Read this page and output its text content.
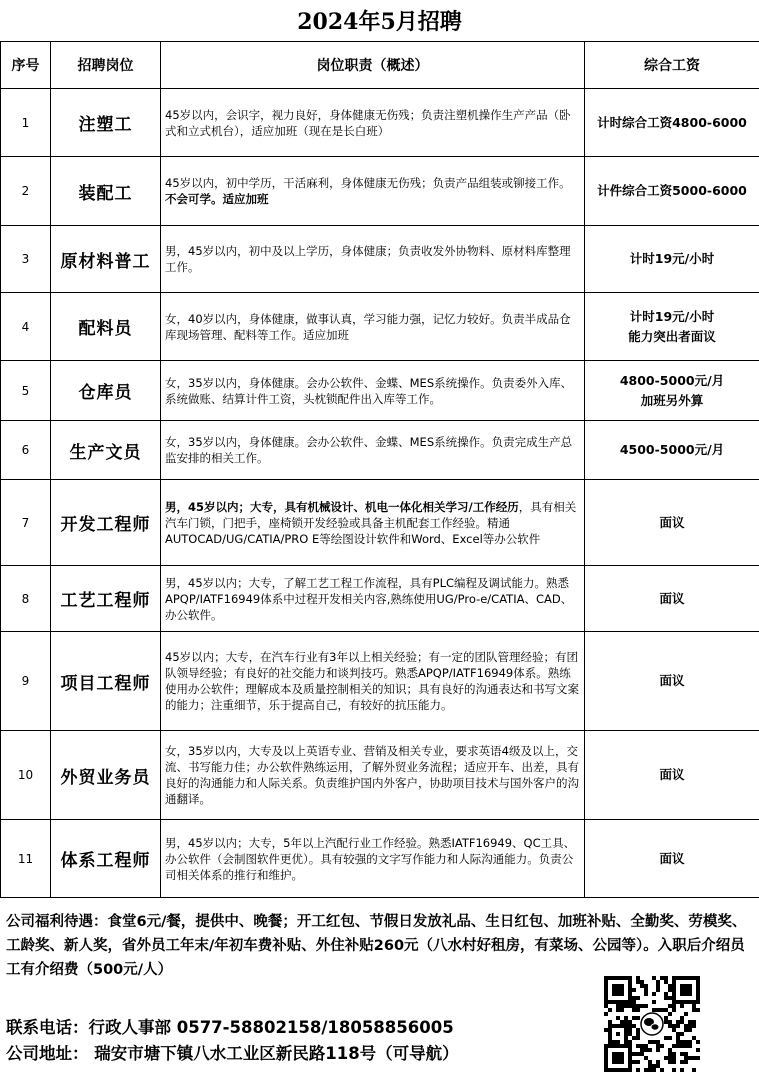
2024年5月招聘
序号	招聘岗位	岗位职责（概述）	综合工资
1	注塑工	45岁以内，会识字，视力良好，身体健康无伤残；负责注塑机操作生产产品（卧式和立式机台），适应加班（现在是长白班）	计时综合工资4800-6000

2	装配工	45岁以内，初中学历，干活麻利，身体健康无伤残；负责产品组装或铆接工作。不会可学。适应加班	计件综合工资5000-6000

3	原材料普工	男，45岁以内，初中及以上学历，身体健康；负责收发外协物料、原材料库整理工作。	计时19元/小时

4	配料员	女，40岁以内，身体健康，做事认真，学习能力强，记忆力较好。负责半成品仓库现场管理、配料等工作。适应加班	计时19元/小时
能力突出者面议

5	仓库员	女，35岁以内，身体健康。会办公软件、金蝶、MES系统操作。负责委外入库、系统做账、结算计件工资，头枕锁配件出入库等工作。	4800-5000元/月
加班另外算

6	生产文员	女，35岁以内，身体健康。会办公软件、金蝶、MES系统操作。负责完成生产总监安排的相关工作。	4500-5000元/月

7	开发工程师	男，45岁以内；大专，具有机械设计、机电一体化相关学习/工作经历，具有相关汽车门锁，门把手，座椅锁开发经验或具备主机配套工作经验。精通AUTOCAD/UG/CATIA/PRO E等绘图设计软件和Word、Excel等办公软件	面议

8	工艺工程师	男，45岁以内；大专，了解工艺工程工作流程，具有PLC编程及调试能力。熟悉APQP/IATF16949体系中过程开发相关内容,熟练使用UG/Pro-e/CATIA、CAD、办公软件。	面议

9	项目工程师	45岁以内；大专，在汽车行业有3年以上相关经验；有一定的团队管理经验；有团队领导经验；有良好的社交能力和谈判技巧。熟悉APQP/IATF16949体系。熟练使用办公软件；理解成本及质量控制相关的知识；具有良好的沟通表达和书写文案的能力；注重细节，乐于提高自己，有较好的抗压能力。	面议

10	外贸业务员	女，35岁以内，大专及以上英语专业、营销及相关专业，要求英语4级及以上，交流、书写能力佳；办公软件熟练运用，了解外贸业务流程；适应开车、出差，具有良好的沟通能力和人际关系。负责维护国内外客户，协助项目技术与国外客户的沟通翻译。	面议

11	体系工程师	男，45岁以内；大专，5年以上汽配行业工作经验。熟悉IATF16949、QC工具、办公软件（会制图软件更优）。具有较强的文字写作能力和人际沟通能力。负责公司相关体系的推行和维护。	面议

公司福利待遇：食堂6元/餐，提供中、晚餐；开工红包、节假日发放礼品、生日红包、加班补贴、全勤奖、劳模奖、工龄奖、新人奖，省外员工年末/年初车费补贴、外住补贴260元（八水村好租房，有菜场、公园等）。入职后介绍员工有介绍费（500元/人）

联系电话：行政人事部 0577-58802158/18058856005
公司地址： 瑞安市塘下镇八水工业区新民路118号（可导航）
